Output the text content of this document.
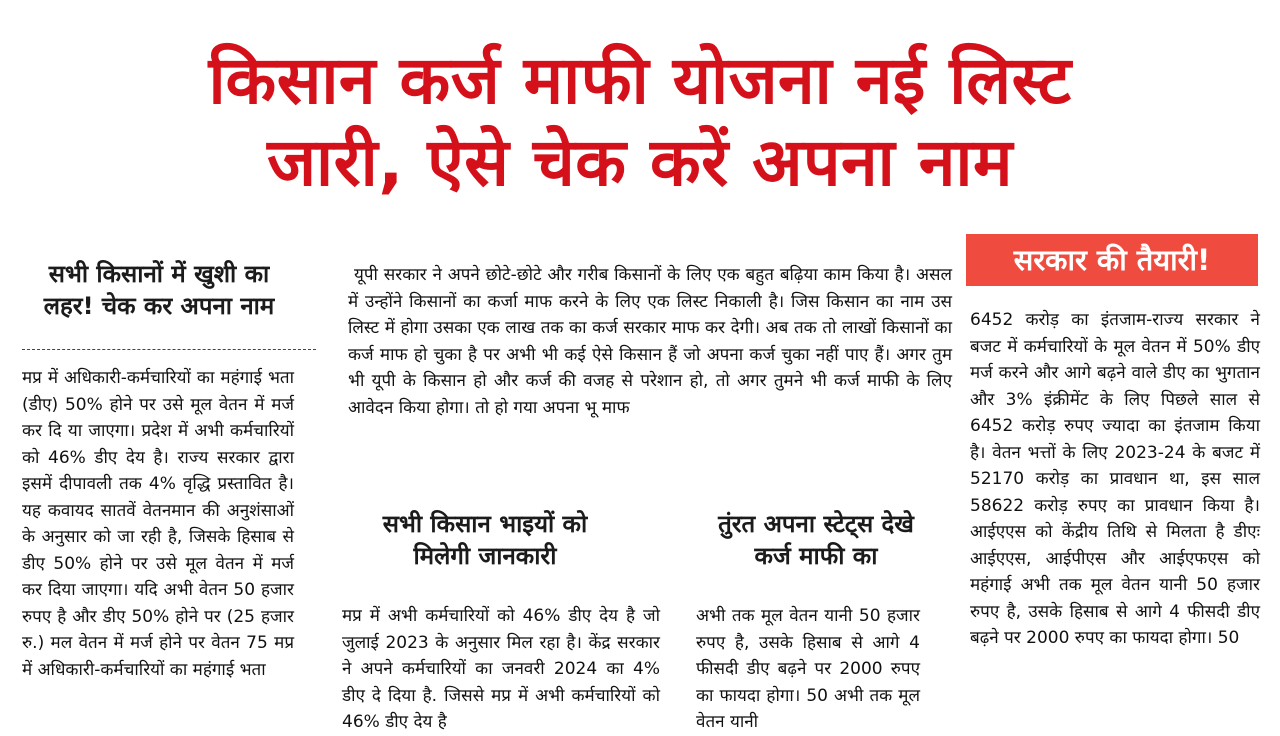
किसान कर्ज माफी योजना नई लिस्ट
जारी, ऐसे चेक करें अपना नाम
सभी किसानों में खुशी का
लहर! चेक कर अपना नाम

मप्र में अधिकारी-कर्मचारियों का महंगाई भता (डीए) 50% होने पर उसे मूल वेतन में मर्ज कर दि या जाएगा। प्रदेश में अभी कर्मचारियों को 46% डीए देय है। राज्य सरकार द्वारा इसमें दीपावली तक 4% वृद्धि प्रस्तावित है। यह कवायद सातवें वेतनमान की अनुशंसाओं के अनुसार को जा रही है, जिसके हिसाब से डीए 50% होने पर उसे मूल वेतन में मर्ज कर दिया जाएगा। यदि अभी वेतन 50 हजार रुपए है और डीए 50% होने पर (25 हजार रु.) मल वेतन में मर्ज होने पर वेतन 75 मप्र में अधिकारी-कर्मचारियों का महंगाई भता

यूपी सरकार ने अपने छोटे-छोटे और गरीब किसानों के लिए एक बहुत बढ़िया काम किया है। असल में उन्होंने किसानों का कर्जा माफ करने के लिए एक लिस्ट निकाली है। जिस किसान का नाम उस लिस्ट में होगा उसका एक लाख तक का कर्ज सरकार माफ कर देगी। अब तक तो लाखों किसानों का कर्ज माफ हो चुका है पर अभी भी कई ऐसे किसान हैं जो अपना कर्ज चुका नहीं पाए हैं। अगर तुम भी यूपी के किसान हो और कर्ज की वजह से परेशान हो, तो अगर तुमने भी कर्ज माफी के लिए आवेदन किया होगा। तो हो गया अपना भू माफ

सभी किसान भाइयों को
मिलेगी जानकारी

मप्र में अभी कर्मचारियों को 46% डीए देय है जो जुलाई 2023 के अनुसार मिल रहा है। केंद्र सरकार ने अपने कर्मचारियों का जनवरी 2024 का 4% डीए दे दिया है. जिससे मप्र में अभी कर्मचारियों को 46% डीए देय है

तुंरत अपना स्टेट्स देखे
कर्ज माफी का

अभी तक मूल वेतन यानी 50 हजार रुपए है, उसके हिसाब से आगे 4 फीसदी डीए बढ़ने पर 2000 रुपए का फायदा होगा। 50 अभी तक मूल वेतन यानी

सरकार की तैयारी!

6452 करोड़ का इंतजाम-राज्य सरकार ने बजट में कर्मचारियों के मूल वेतन में 50% डीए मर्ज करने और आगे बढ़ने वाले डीए का भुगतान और 3% इंक्रीमेंट के लिए पिछले साल से 6452 करोड़ रुपए ज्यादा का इंतजाम किया है। वेतन भत्तों के लिए 2023-24 के बजट में 52170 करोड़ का प्रावधान था, इस साल 58622 करोड़ रुपए का प्रावधान किया है। आईएएस को केंद्रीय तिथि से मिलता है डीएः आईएएस, आईपीएस और आईएफएस को महंगाई अभी तक मूल वेतन यानी 50 हजार रुपए है, उसके हिसाब से आगे 4 फीसदी डीए बढ़ने पर 2000 रुपए का फायदा होगा। 50
